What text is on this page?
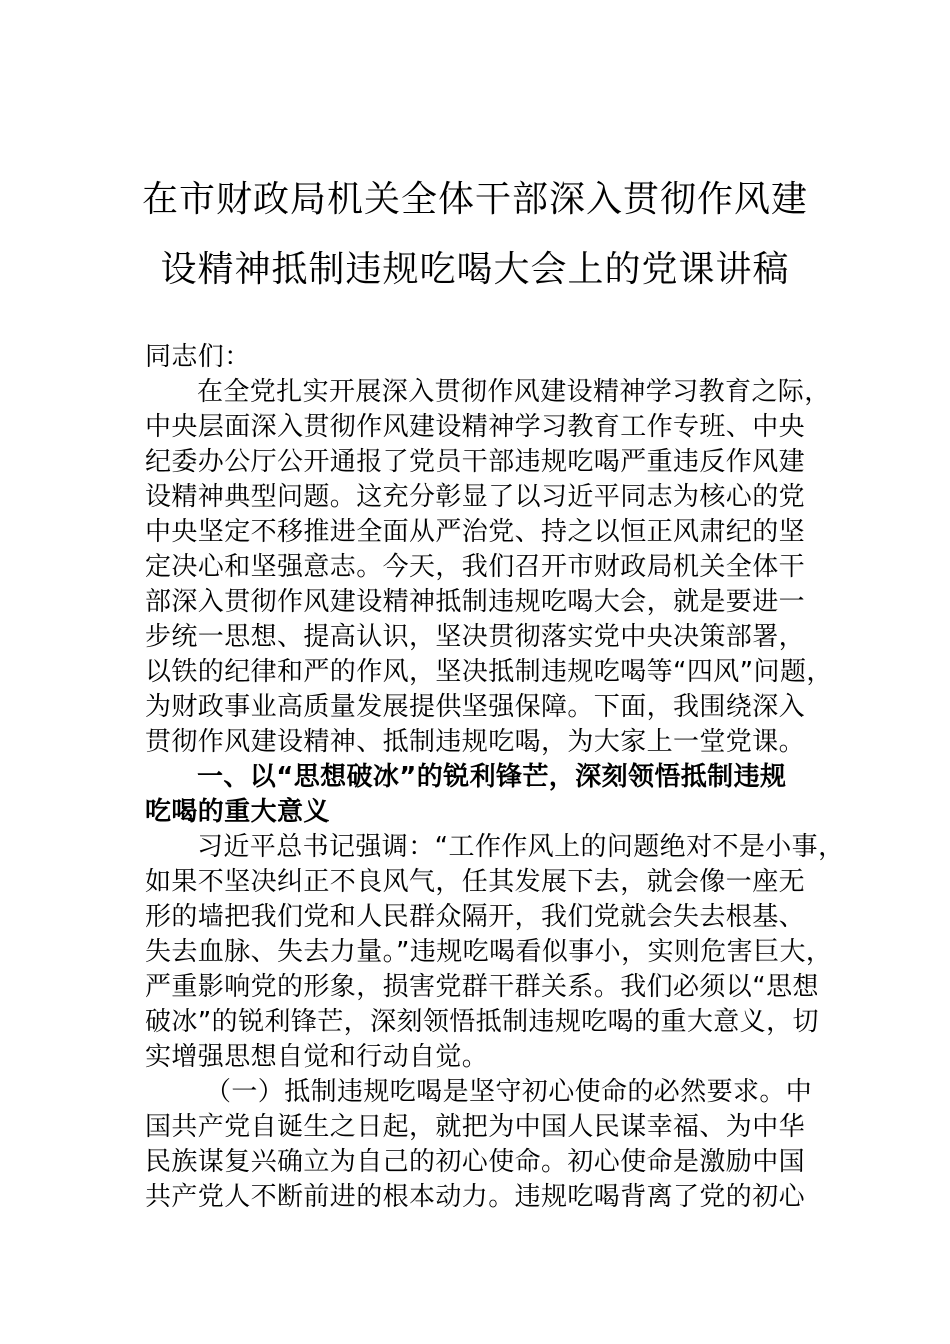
在市财政局机关全体干部深入贯彻作风建
设精神抵制违规吃喝大会上的党课讲稿
同志们：
在全党扎实开展深入贯彻作风建设精神学习教育之际，
中央层面深入贯彻作风建设精神学习教育工作专班、中央
纪委办公厅公开通报了党员干部违规吃喝严重违反作风建
设精神典型问题。这充分彰显了以习近平同志为核心的党
中央坚定不移推进全面从严治党、持之以恒正风肃纪的坚
定决心和坚强意志。今天，我们召开市财政局机关全体干
部深入贯彻作风建设精神抵制违规吃喝大会，就是要进一
步统一思想、提高认识，坚决贯彻落实党中央决策部署，
以铁的纪律和严的作风，坚决抵制违规吃喝等“四风”问题，
为财政事业高质量发展提供坚强保障。下面，我围绕深入
贯彻作风建设精神、抵制违规吃喝，为大家上一堂党课。
一、以“思想破冰”的锐利锋芒，深刻领悟抵制违规
吃喝的重大意义
习近平总书记强调：“工作作风上的问题绝对不是小事，
如果不坚决纠正不良风气，任其发展下去，就会像一座无
形的墙把我们党和人民群众隔开，我们党就会失去根基、
失去血脉、失去力量。”违规吃喝看似事小，实则危害巨大，
严重影响党的形象，损害党群干群关系。我们必须以“思想
破冰”的锐利锋芒，深刻领悟抵制违规吃喝的重大意义，切
实增强思想自觉和行动自觉。
（一）抵制违规吃喝是坚守初心使命的必然要求。中
国共产党自诞生之日起，就把为中国人民谋幸福、为中华
民族谋复兴确立为自己的初心使命。初心使命是激励中国
共产党人不断前进的根本动力。违规吃喝背离了党的初心
